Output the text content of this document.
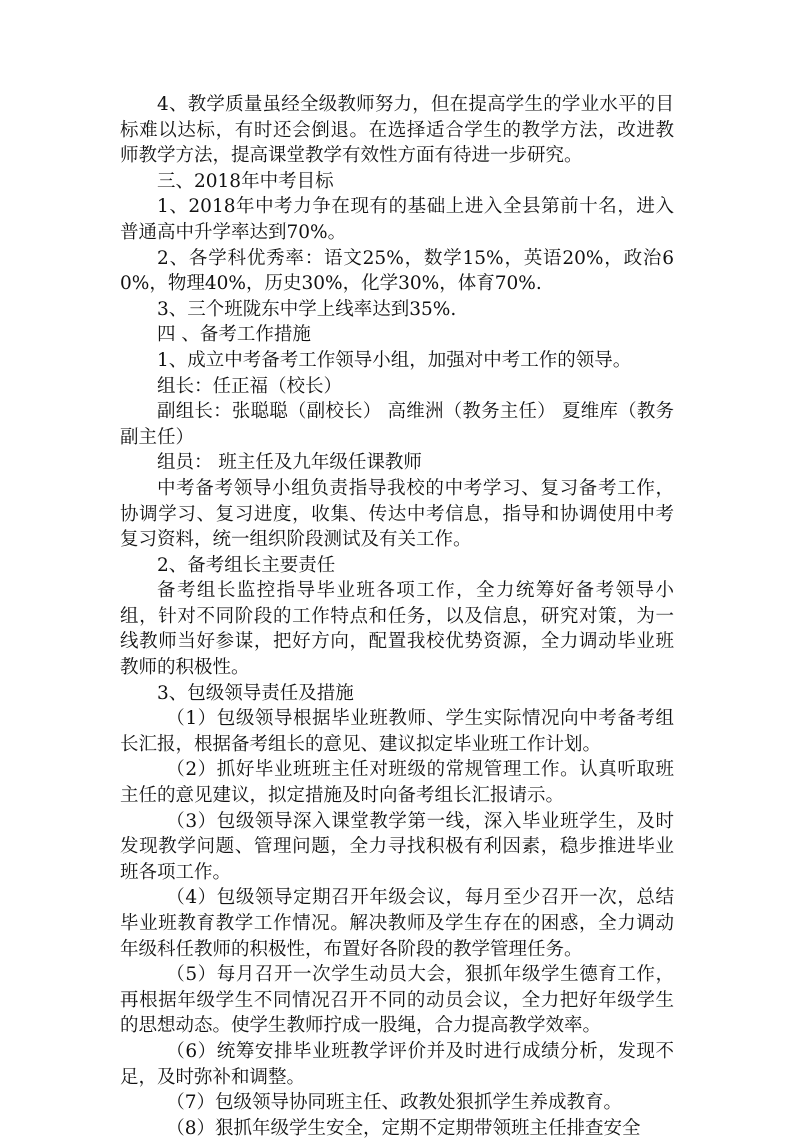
4、教学质量虽经全级教师努力，但在提高学生的学业水平的目标难以达标，有时还会倒退。在选择适合学生的教学方法，改进教师教学方法，提高课堂教学有效性方面有待进一步研究。

三、2018年中考目标

1、2018年中考力争在现有的基础上进入全县第前十名，进入普通高中升学率达到70%。

2、各学科优秀率：语文25%，数学15%，英语20%，政治60%，物理40%，历史30%，化学30%，体育70%.

3、三个班陇东中学上线率达到35%.

四 、备考工作措施

1、成立中考备考工作领导小组，加强对中考工作的领导。

组长：任正福（校长）

副组长：张聪聪（副校长） 高维洲（教务主任） 夏维库（教务副主任）

组员： 班主任及九年级任课教师

中考备考领导小组负责指导我校的中考学习、复习备考工作，协调学习、复习进度，收集、传达中考信息，指导和协调使用中考复习资料，统一组织阶段测试及有关工作。

2、备考组长主要责任

备考组长监控指导毕业班各项工作，全力统筹好备考领导小组，针对不同阶段的工作特点和任务，以及信息，研究对策，为一线教师当好参谋，把好方向，配置我校优势资源，全力调动毕业班教师的积极性。

3、包级领导责任及措施

（1）包级领导根据毕业班教师、学生实际情况向中考备考组长汇报，根据备考组长的意见、建议拟定毕业班工作计划。

（2）抓好毕业班班主任对班级的常规管理工作。认真听取班主任的意见建议，拟定措施及时向备考组长汇报请示。

（3）包级领导深入课堂教学第一线，深入毕业班学生，及时发现教学问题、管理问题，全力寻找积极有利因素，稳步推进毕业班各项工作。

（4）包级领导定期召开年级会议，每月至少召开一次，总结毕业班教育教学工作情况。解决教师及学生存在的困惑，全力调动年级科任教师的积极性，布置好各阶段的教学管理任务。

（5）每月召开一次学生动员大会，狠抓年级学生德育工作，再根据年级学生不同情况召开不同的动员会议，全力把好年级学生的思想动态。使学生教师拧成一股绳，合力提高教学效率。

（6）统筹安排毕业班教学评价并及时进行成绩分析，发现不足，及时弥补和调整。

（7）包级领导协同班主任、政教处狠抓学生养成教育。

（8）狠抓年级学生安全，定期不定期带领班主任排查安全
